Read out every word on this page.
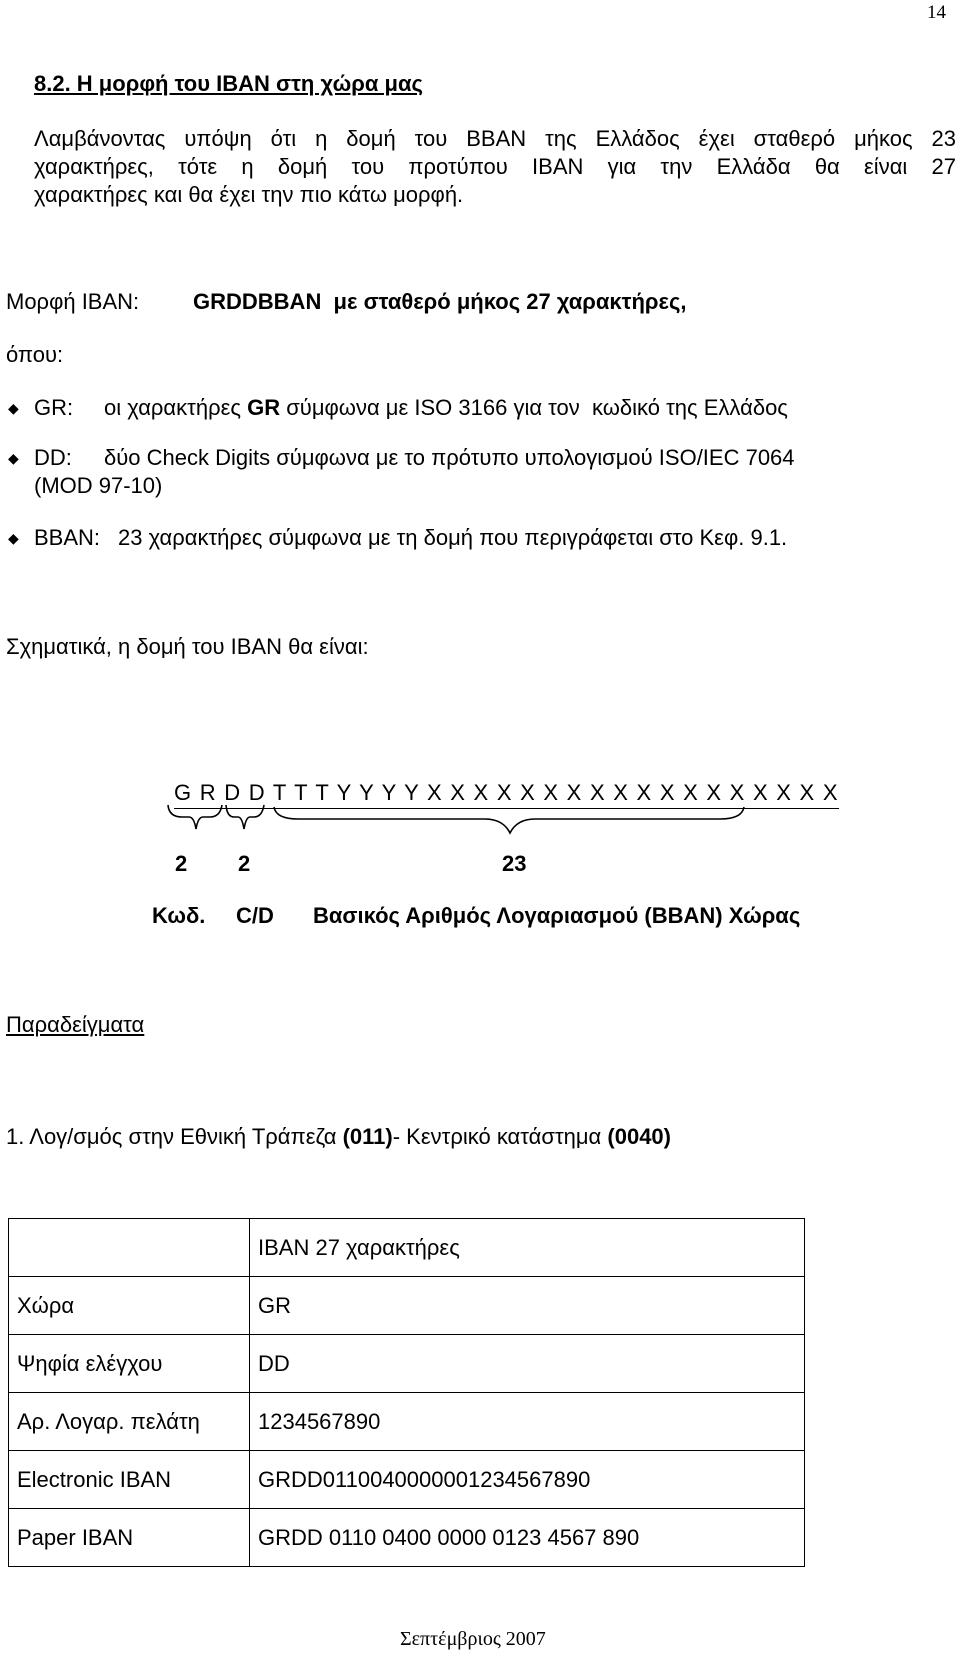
14
8.2. Η μορφή του IBAN στη χώρα μας
Λαμβάνοντας υπόψη ότι η δομή του BBAN της Ελλάδος έχει σταθερό μήκος 23
χαρακτήρες, τότε η δομή του προτύπου IBAN για την Ελλάδα θα είναι 27
χαρακτήρες και θα έχει την πιο κάτω μορφή.
Μορφή IBAN: GRDDBBAN  με σταθερό μήκος 27 χαρακτήρες,
όπου:
◆ GR: οι χαρακτήρες GR σύμφωνα με ISO 3166 για τον  κωδικό της Ελλάδος
◆ DD: δύο Check Digits σύμφωνα με το πρότυπο υπολογισμού ISO/IEC 7064
(MOD 97-10)
◆ BBAN: 23 χαρακτήρες σύμφωνα με τη δομή που περιγράφεται στο Κεφ. 9.1.
Σχηματικά, η δομή του IBAN θα είναι:
G R D D T T T Y Y Y Y X X X X X X X X X X X X X X X X X X
2 2	23
Κωδ. C/D Βασικός Αριθμός Λογαριασμού (BBAN) Χώρας
Παραδείγματα
1. Λογ/σμός στην Εθνική Τράπεζα (011)- Κεντρικό κατάστημα (0040)
	IBAN 27 χαρακτήρες
Χώρα	GR
Ψηφία ελέγχου	DD
Αρ. Λογαρ. πελάτη	1234567890
Electronic IBAN	GRDD0110040000001234567890
Paper IBAN	GRDD 0110 0400 0000 0123 4567 890
Σεπτέμβριος 2007
